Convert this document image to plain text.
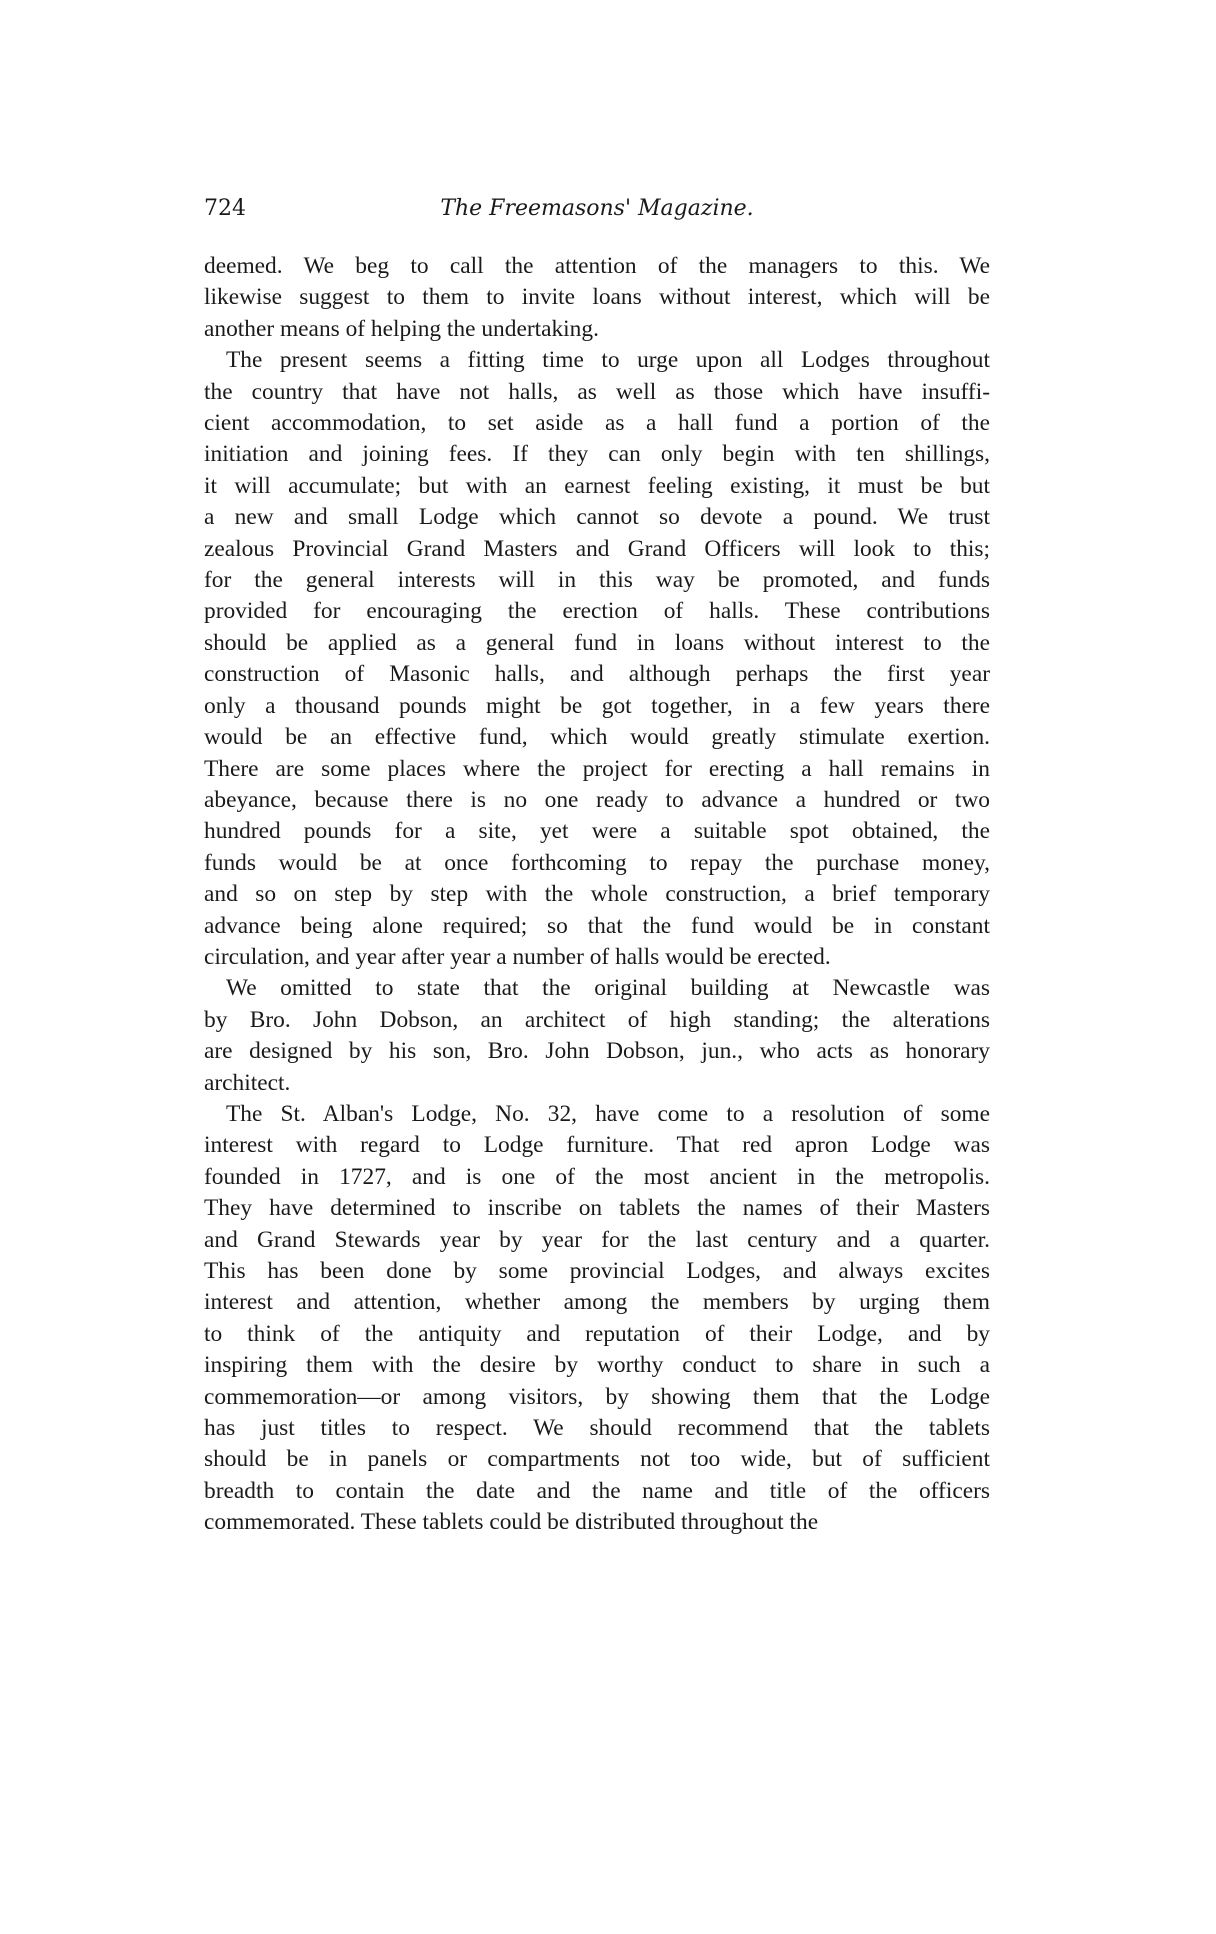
724	The Freemasons' Magazine.
deemed. We beg to call the attention of the managers to this. We
likewise suggest to them to invite loans without interest, which will be
another means of helping the undertaking.
The present seems a fitting time to urge upon all Lodges throughout
the country that have not halls, as well as those which have insuffi-
cient accommodation, to set aside as a hall fund a portion of the
initiation and joining fees. If they can only begin with ten shillings,
it will accumulate; but with an earnest feeling existing, it must be but
a new and small Lodge which cannot so devote a pound. We trust
zealous Provincial Grand Masters and Grand Officers will look to this;
for the general interests will in this way be promoted, and funds
provided for encouraging the erection of halls. These contributions
should be applied as a general fund in loans without interest to the
construction of Masonic halls, and although perhaps the first year
only a thousand pounds might be got together, in a few years there
would be an effective fund, which would greatly stimulate exertion.
There are some places where the project for erecting a hall remains in
abeyance, because there is no one ready to advance a hundred or two
hundred pounds for a site, yet were a suitable spot obtained, the
funds would be at once forthcoming to repay the purchase money,
and so on step by step with the whole construction, a brief temporary
advance being alone required; so that the fund would be in constant
circulation, and year after year a number of halls would be erected.
We omitted to state that the original building at Newcastle was
by Bro. John Dobson, an architect of high standing; the alterations
are designed by his son, Bro. John Dobson, jun., who acts as honorary
architect.
The St. Alban's Lodge, No. 32, have come to a resolution of some
interest with regard to Lodge furniture. That red apron Lodge was
founded in 1727, and is one of the most ancient in the metropolis.
They have determined to inscribe on tablets the names of their Masters
and Grand Stewards year by year for the last century and a quarter.
This has been done by some provincial Lodges, and always excites
interest and attention, whether among the members by urging them
to think of the antiquity and reputation of their Lodge, and by
inspiring them with the desire by worthy conduct to share in such a
commemoration—or among visitors, by showing them that the Lodge
has just titles to respect. We should recommend that the tablets
should be in panels or compartments not too wide, but of sufficient
breadth to contain the date and the name and title of the officers
commemorated. These tablets could be distributed throughout the
